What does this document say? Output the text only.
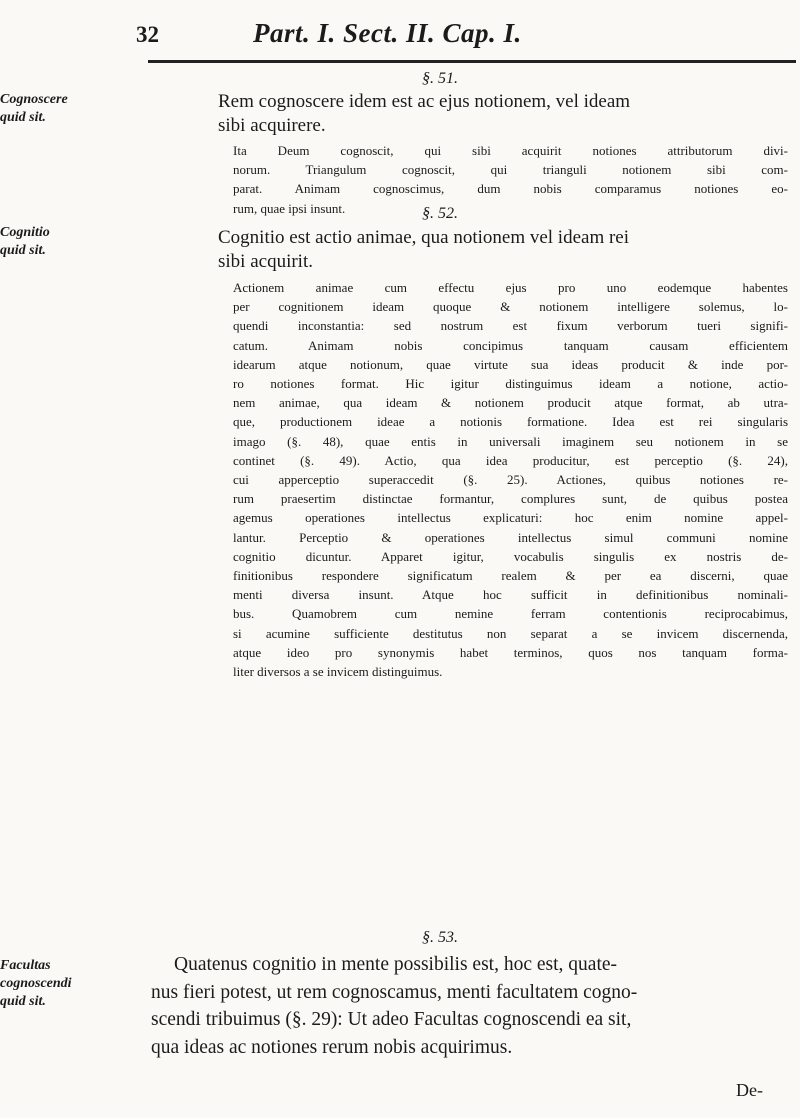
32	Part. I. Sect. II. Cap. I.
Cognoscere
quid sit.
Cognitio
quid sit.
Facultas
cognoscendi
quid sit.
§. 51.
Rem cognoscere idem est ac ejus notionem, vel ideam
sibi acquirere.
Ita Deum cognoscit, qui sibi acquirit notiones attributorum divi-
norum. Triangulum cognoscit, qui trianguli notionem sibi com-
parat. Animam cognoscimus, dum nobis comparamus notiones eo-
rum, quae ipsi insunt.	§. 52.
Cognitio est actio animae, qua notionem vel ideam rei
sibi acquirit.
Actionem animae cum effectu ejus pro uno eodemque habentes
per cognitionem ideam quoque & notionem intelligere solemus, lo-
quendi inconstantia: sed nostrum est fixum verborum tueri signifi-
catum. Animam nobis concipimus tanquam causam efficientem
idearum atque notionum, quae virtute sua ideas producit & inde por-
ro notiones format. Hic igitur distinguimus ideam a notione, actio-
nem animae, qua ideam & notionem producit atque format, ab utra-
que, productionem ideae a notionis formatione. Idea est rei singularis
imago (§. 48), quae entis in universali imaginem seu notionem in se
continet (§. 49). Actio, qua idea producitur, est perceptio (§. 24),
cui apperceptio superaccedit (§. 25). Actiones, quibus notiones re-
rum praesertim distinctae formantur, complures sunt, de quibus postea
agemus operationes intellectus explicaturi: hoc enim nomine appel-
lantur. Perceptio & operationes intellectus simul communi nomine
cognitio dicuntur. Apparet igitur, vocabulis singulis ex nostris de-
finitionibus respondere significatum realem & per ea discerni, quae
menti diversa insunt. Atque hoc sufficit in definitionibus nominali-
bus. Quamobrem cum nemine ferram contentionis reciprocabimus,
si acumine sufficiente destitutus non separat a se invicem discernenda,
atque ideo pro synonymis habet terminos, quos nos tanquam forma-
liter diversos a se invicem distinguimus.
§. 53.
Quatenus cognitio in mente possibilis est, hoc est, quate-
nus fieri potest, ut rem cognoscamus, menti facultatem cogno-
scendi tribuimus (§. 29): Ut adeo Facultas cognoscendi ea sit,
qua ideas ac notiones rerum nobis acquirimus.
De-
